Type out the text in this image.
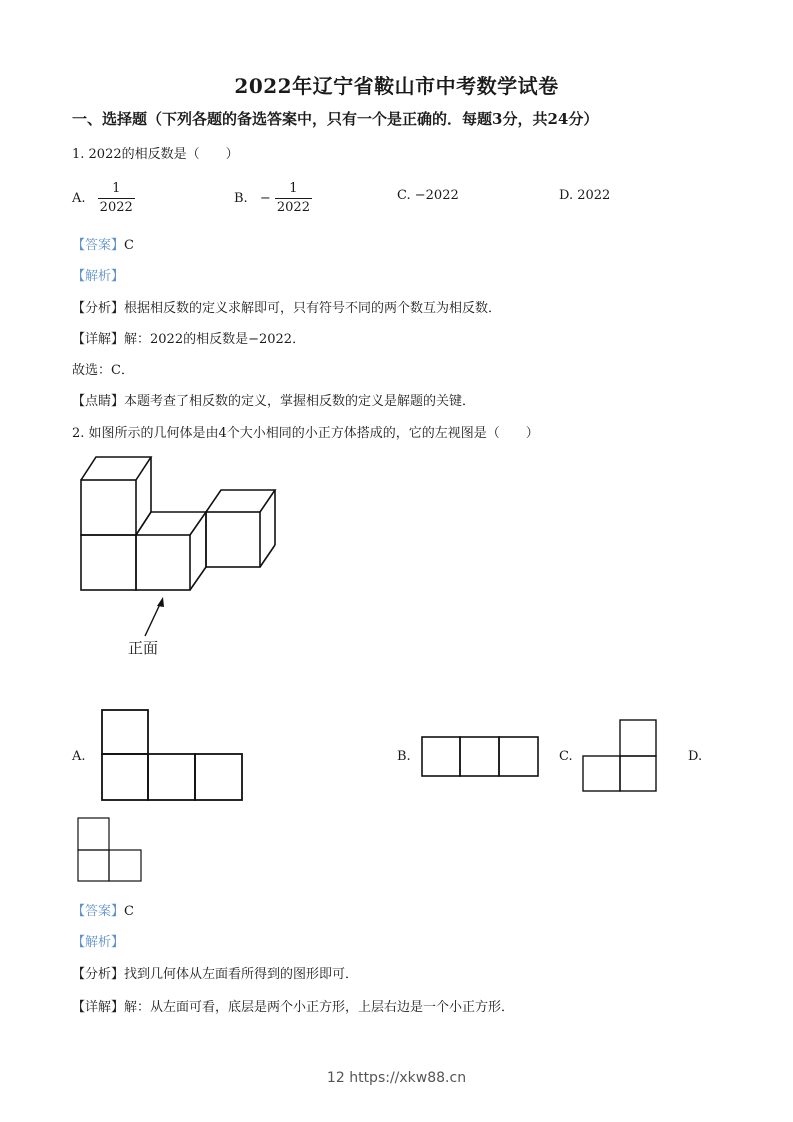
2022年辽宁省鞍山市中考数学试卷
一、选择题（下列各题的备选答案中，只有一个是正确的．每题3分，共24分）
1. 2022的相反数是（　　）
A. $\frac{1}{2022}$	B. − $\frac{1}{2022}$	C. −2022	D. 2022
【答案】C
【解析】
【分析】根据相反数的定义求解即可，只有符号不同的两个数互为相反数．
【详解】解：2022的相反数是−2022．
故选：C．
【点睛】本题考查了相反数的定义，掌握相反数的定义是解题的关键．
2. 如图所示的几何体是由4个大小相同的小正方体搭成的，它的左视图是（　　）
正面
A.	B.	C.	D.
【答案】C
【解析】
【分析】找到几何体从左面看所得到的图形即可．
【详解】解：从左面可看，底层是两个小正方形，上层右边是一个小正方形．
12 https://xkw88.cn
